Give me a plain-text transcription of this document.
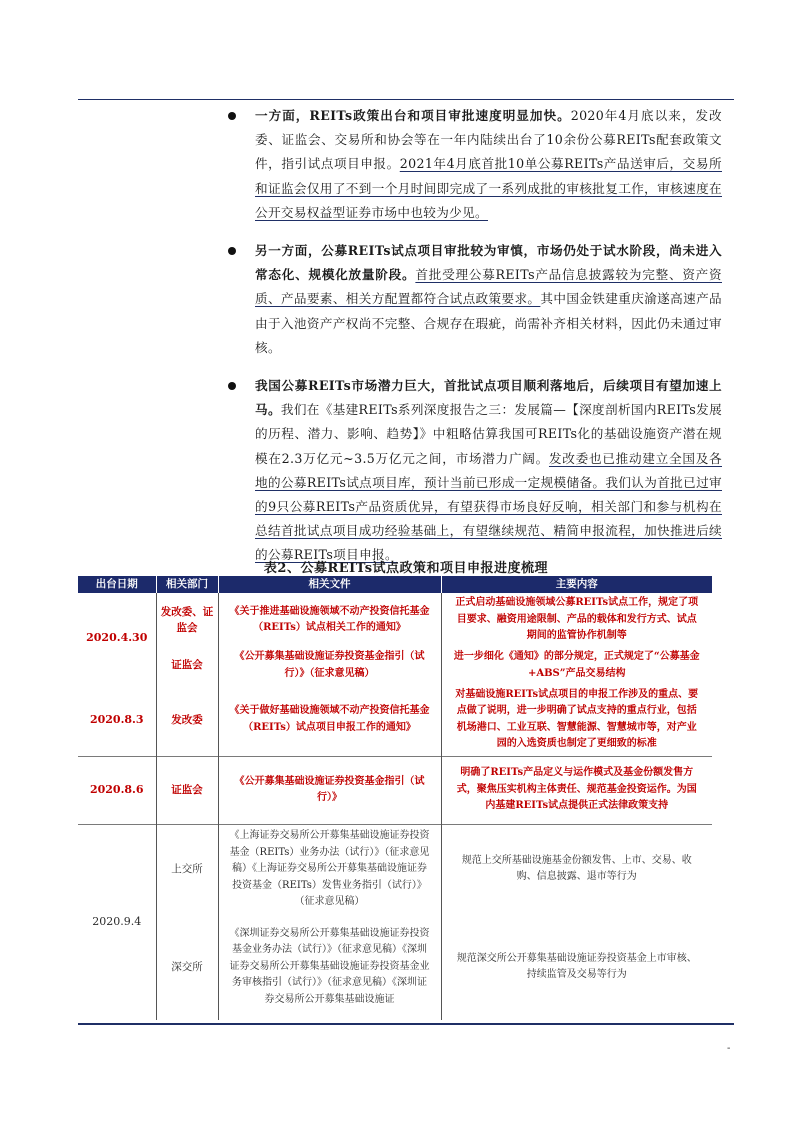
一方面，REITs政策出台和项目审批速度明显加快。2020年4月底以来，发改委、证监会、交易所和协会等在一年内陆续出台了10余份公募REITs配套政策文件，指引试点项目申报。2021年4月底首批10单公募REITs产品送审后，交易所和证监会仅用了不到一个月时间即完成了一系列成批的审核批复工作，审核速度在公开交易权益型证券市场中也较为少见。
另一方面，公募REITs试点项目审批较为审慎，市场仍处于试水阶段，尚未进入常态化、规模化放量阶段。首批受理公募REITs产品信息披露较为完整、资产资质、产品要素、相关方配置都符合试点政策要求。其中国金铁建重庆渝遂高速产品由于入池资产产权尚不完整、合规存在瑕疵，尚需补齐相关材料，因此仍未通过审核。
我国公募REITs市场潜力巨大，首批试点项目顺利落地后，后续项目有望加速上马。我们在《基建REITs系列深度报告之三：发展篇—【深度剖析国内REITs发展的历程、潜力、影响、趋势】》中粗略估算我国可REITs化的基础设施资产潜在规模在2.3万亿元~3.5万亿元之间，市场潜力广阔。发改委也已推动建立全国及各地的公募REITs试点项目库，预计当前已形成一定规模储备。我们认为首批已过审的9只公募REITs产品资质优异，有望获得市场良好反响，相关部门和参与机构在总结首批试点项目成功经验基础上，有望继续规范、精简申报流程，加快推进后续的公募REITs项目申报。
表2、公募REITs试点政策和项目申报进度梳理
出台日期	相关部门	相关文件	主要内容
2020.4.30	发改委、证监会	《关于推进基础设施领域不动产投资信托基金（REITs）试点相关工作的通知》	正式启动基础设施领域公募REITs试点工作，规定了项目要求、融资用途限制、产品的载体和发行方式、试点期间的监管协作机制等
	证监会	《公开募集基础设施证券投资基金指引（试行）》（征求意见稿）	进一步细化《通知》的部分规定，正式规定了“公募基金+ABS”产品交易结构
2020.8.3	发改委	《关于做好基础设施领域不动产投资信托基金（REITs）试点项目申报工作的通知》	对基础设施REITs试点项目的申报工作涉及的重点、要点做了说明，进一步明确了试点支持的重点行业，包括机场港口、工业互联、智慧能源、智慧城市等，对产业园的入选资质也制定了更细致的标准
2020.8.6	证监会	《公开募集基础设施证券投资基金指引（试行）》	明确了REITs产品定义与运作模式及基金份额发售方式，聚焦压实机构主体责任、规范基金投资运作。为国内基建REITs试点提供正式法律政策支持
2020.9.4	上交所	《上海证券交易所公开募集基础设施证券投资基金（REITs）业务办法（试行）》（征求意见稿）《上海证券交易所公开募集基础设施证券投资基金（REITs）发售业务指引（试行）》（征求意见稿）	规范上交所基础设施基金份额发售、上市、交易、收购、信息披露、退市等行为
	深交所	《深圳证券交易所公开募集基础设施证券投资基金业务办法（试行）》（征求意见稿）《深圳证券交易所公开募集基础设施证券投资基金业务审核指引（试行）》（征求意见稿）《深圳证券交易所公开募集基础设施证	规范深交所公开募集基础设施证券投资基金上市审核、持续监管及交易等行为
-
